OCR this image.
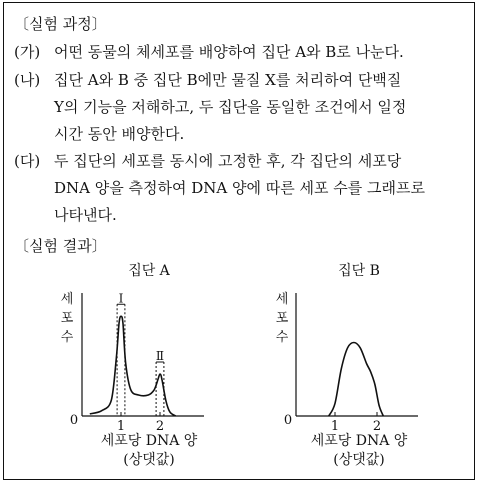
〔실험 과정〕
(가) 어떤 동물의 체세포를 배양하여 집단 A와 B로 나눈다.
(나) 집단 A와 B 중 집단 B에만 물질 X를 처리하여 단백질
Y의 기능을 저해하고, 두 집단을 동일한 조건에서 일정
시간 동안 배양한다.
(다) 두 집단의 세포를 동시에 고정한 후, 각 집단의 세포당
DNA 양을 측정하여 DNA 양에 따른 세포 수를 그래프로
나타낸다.
〔실험 결과〕
집단 A
세
포
수
0	1 2
Ⅰ
Ⅱ
세포당 DNA 양
(상댓값)
집단 B
세
포
수
0	1	2
세포당 DNA 양
(상댓값)
